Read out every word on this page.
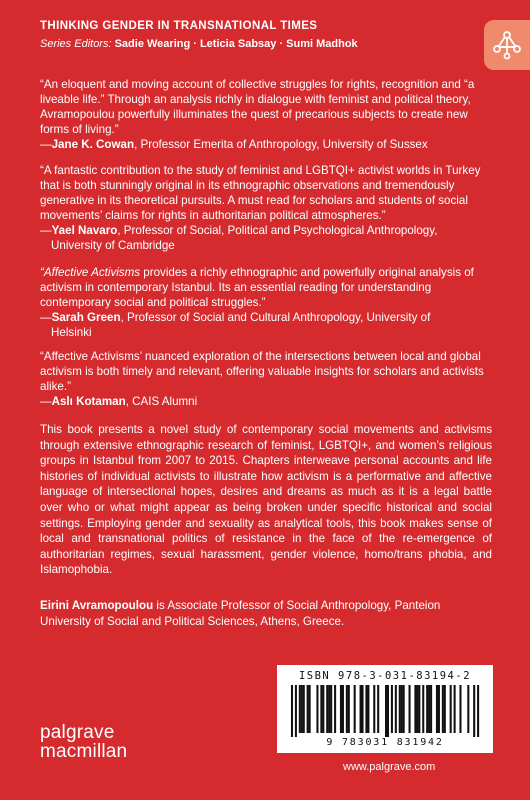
THINKING GENDER IN TRANSNATIONAL TIMES
Series Editors: Sadie Wearing · Leticia Sabsay · Sumi Madhok

“An eloquent and moving account of collective struggles for rights, recognition and “a liveable life.” Through an analysis richly in dialogue with feminist and political theory, Avramopoulou powerfully illuminates the quest of precarious subjects to create new forms of living.”

—Jane K. Cowan, Professor Emerita of Anthropology, University of Sussex

“A fantastic contribution to the study of feminist and LGBTQI+ activist worlds in Turkey that is both stunningly original in its ethnographic observations and tremendously generative in its theoretical pursuits. A must read for scholars and students of social movements’ claims for rights in authoritarian political atmospheres.”

—Yael Navaro, Professor of Social, Political and Psychological Anthropology,

University of Cambridge

“Affective Activisms provides a richly ethnographic and powerfully original analysis of activism in contemporary Istanbul. Its an essential reading for understanding contemporary social and political struggles.”

—Sarah Green, Professor of Social and Cultural Anthropology, University of

Helsinki

“Affective Activisms’ nuanced exploration of the intersections between local and global activism is both timely and relevant, offering valuable insights for scholars and activists alike.”

—Aslı Kotaman, CAIS Alumni

This book presents a novel study of contemporary social movements and activisms through extensive ethnographic research of feminist, LGBTQI+, and women’s religious groups in Istanbul from 2007 to 2015. Chapters interweave personal accounts and life histories of individual activists to illustrate how activism is a performative and affective language of intersectional hopes, desires and dreams as much as it is a legal battle over who or what might appear as being broken under specific historical and social settings. Employing gender and sexuality as analytical tools, this book makes sense of local and transnational politics of resistance in the face of the re-emergence of authoritarian regimes, sexual harassment, gender violence, homo/trans phobia, and Islamophobia.

Eirini Avramopoulou is Associate Professor of Social Anthropology, Panteion University of Social and Political Sciences, Athens, Greece.

palgrave
macmillan
ISBN 978-3-031-83194-2
9 783031 831942
www.palgrave.com
